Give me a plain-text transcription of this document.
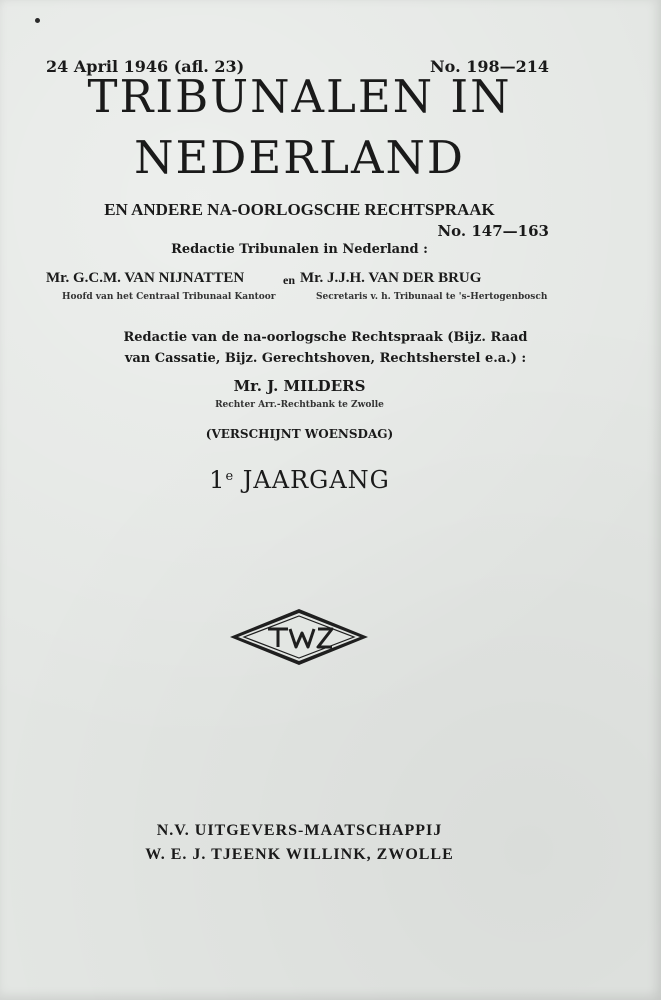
24 April 1946 (afl. 23)	No. 198—214
TRIBUNALEN IN
NEDERLAND
EN ANDERE NA-OORLOGSCHE RECHTSPRAAK
No. 147—163
Redactie Tribunalen in Nederland :
Mr. G.C.M. VAN NIJNATTEN	en Mr. J.J.H. VAN DER BRUG
Hoofd van het Centraal Tribunaal Kantoor	Secretaris v. h. Tribunaal te 's-Hertogenbosch
Redactie van de na-oorlogsche Rechtspraak (Bijz. Raad
van Cassatie, Bijz. Gerechtshoven, Rechtsherstel e.a.) :
Mr. J. MILDERS
Rechter Arr.-Rechtbank te Zwolle
(VERSCHIJNT WOENSDAG)
1e JAARGANG
N.V. UITGEVERS-MAATSCHAPPIJ
W. E. J. TJEENK WILLINK, ZWOLLE
